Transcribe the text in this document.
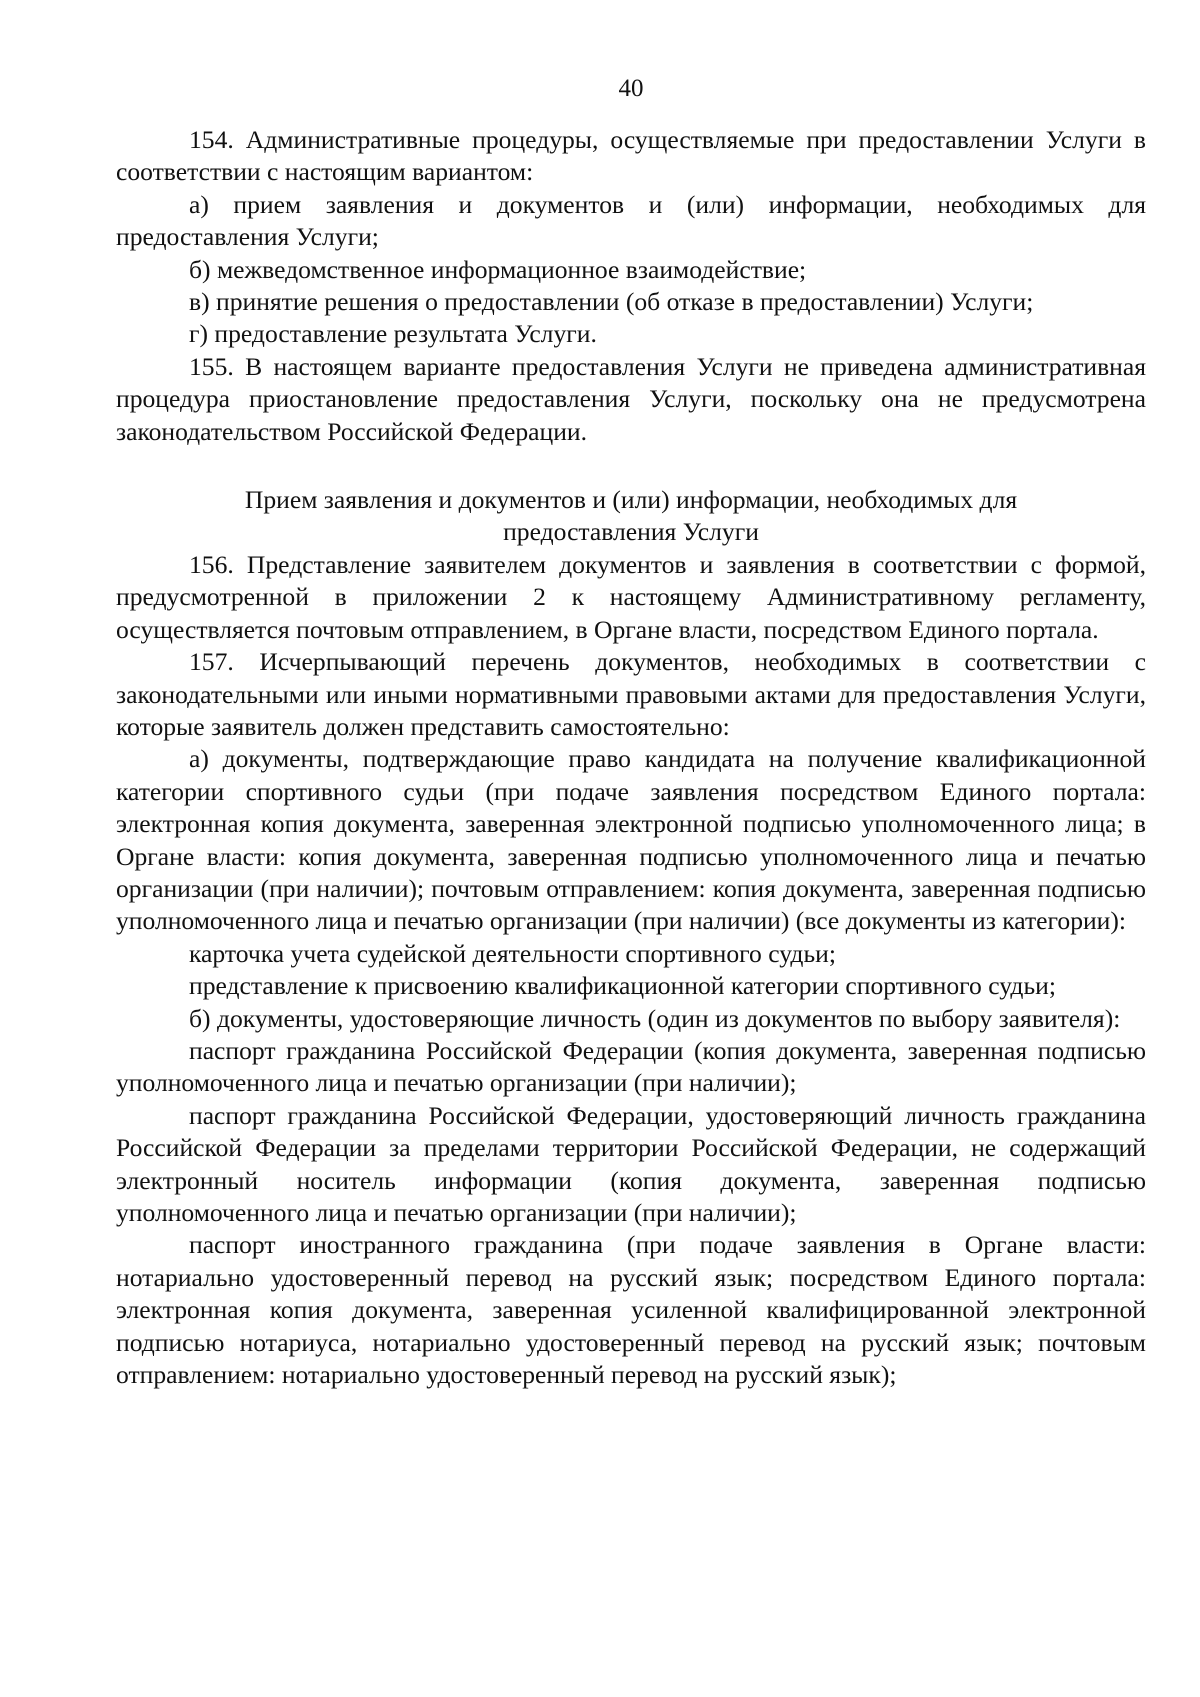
40

154. Административные процедуры, осуществляемые при предоставлении Услуги в соответствии с настоящим вариантом:

а) прием заявления и документов и (или) информации, необходимых для предоставления Услуги;

б) межведомственное информационное взаимодействие;

в) принятие решения о предоставлении (об отказе в предоставлении) Услуги;

г) предоставление результата Услуги.

155. В настоящем варианте предоставления Услуги не приведена административная процедура приостановление предоставления Услуги, поскольку она не предусмотрена законодательством Российской Федерации.

Прием заявления и документов и (или) информации, необходимых для предоставления Услуги

156. Представление заявителем документов и заявления в соответствии с формой, предусмотренной в приложении 2 к настоящему Административному регламенту, осуществляется почтовым отправлением, в Органе власти, посредством Единого портала.

157. Исчерпывающий перечень документов, необходимых в соответствии с законодательными или иными нормативными правовыми актами для предоставления Услуги, которые заявитель должен представить самостоятельно:

а) документы, подтверждающие право кандидата на получение квалификационной категории спортивного судьи (при подаче заявления посредством Единого портала: электронная копия документа, заверенная электронной подписью уполномоченного лица; в Органе власти: копия документа, заверенная подписью уполномоченного лица и печатью организации (при наличии); почтовым отправлением: копия документа, заверенная подписью уполномоченного лица и печатью организации (при наличии) (все документы из категории):

карточка учета судейской деятельности спортивного судьи;

представление к присвоению квалификационной категории спортивного судьи;

б) документы, удостоверяющие личность (один из документов по выбору заявителя):

паспорт гражданина Российской Федерации (копия документа, заверенная подписью уполномоченного лица и печатью организации (при наличии);

паспорт гражданина Российской Федерации, удостоверяющий личность гражданина Российской Федерации за пределами территории Российской Федерации, не содержащий электронный носитель информации (копия документа, заверенная подписью уполномоченного лица и печатью организации (при наличии);

паспорт иностранного гражданина (при подаче заявления в Органе власти: нотариально удостоверенный перевод на русский язык; посредством Единого портала: электронная копия документа, заверенная усиленной квалифицированной электронной подписью нотариуса, нотариально удостоверенный перевод на русский язык; почтовым отправлением: нотариально удостоверенный перевод на русский язык);
